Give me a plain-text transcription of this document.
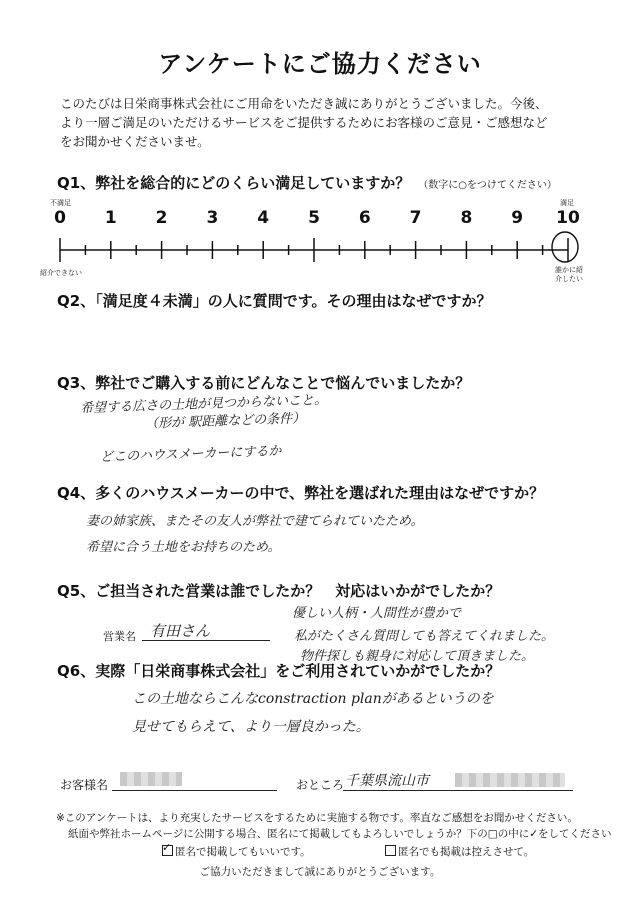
アンケートにご協力ください
このたびは日栄商事株式会社にご用命をいただき誠にありがとうございました。今後、
より一層ご満足のいただけるサービスをご提供するためにお客様のご意見・ご感想など
をお聞かせくださいませ。
Q1、弊社を総合的にどのくらい満足していますか？ （数字に○をつけてください）
不満足	満足
0 1 2 3 4 5 6 7 8 9 10
紹介できない	誰かに紹介したい
Q2、「満足度４未満」の人に質問です。その理由はなぜですか？
Q3、弊社でご購入する前にどんなことで悩んでいましたか？
希望する広さの土地が見つからないこと。
（形が 駅距離などの条件）
どこのハウスメーカーにするか
Q4、多くのハウスメーカーの中で、弊社を選ばれた理由はなぜですか？
妻の姉家族、またその友人が弊社で建てられていたため。
希望に合う土地をお持ちのため。
Q5、ご担当された営業は誰でしたか？　対応はいかがでしたか？
営業名 有田さん
優しい人柄・人間性が豊かで
私がたくさん質問しても答えてくれました。
物件探しも親身に対応して頂きました。
Q6、実際「日栄商事株式会社」をご利用されていかがでしたか？
この土地ならこんなconstraction planがあるというのを
見せてもらえて、より一層良かった。
お客様名	おところ 千葉県流山市
※このアンケートは、より充実したサービスをするために実施する物です。率直なご感想をお聞かせください。
紙面や弊社ホームページに公開する場合、匿名にて掲載してもよろしいでしょうか？下の□の中に✓をしてください
✓匿名で掲載してもいいです。	匿名でも掲載は控えさせて。
ご協力いただきまして誠にありがとうございます。
